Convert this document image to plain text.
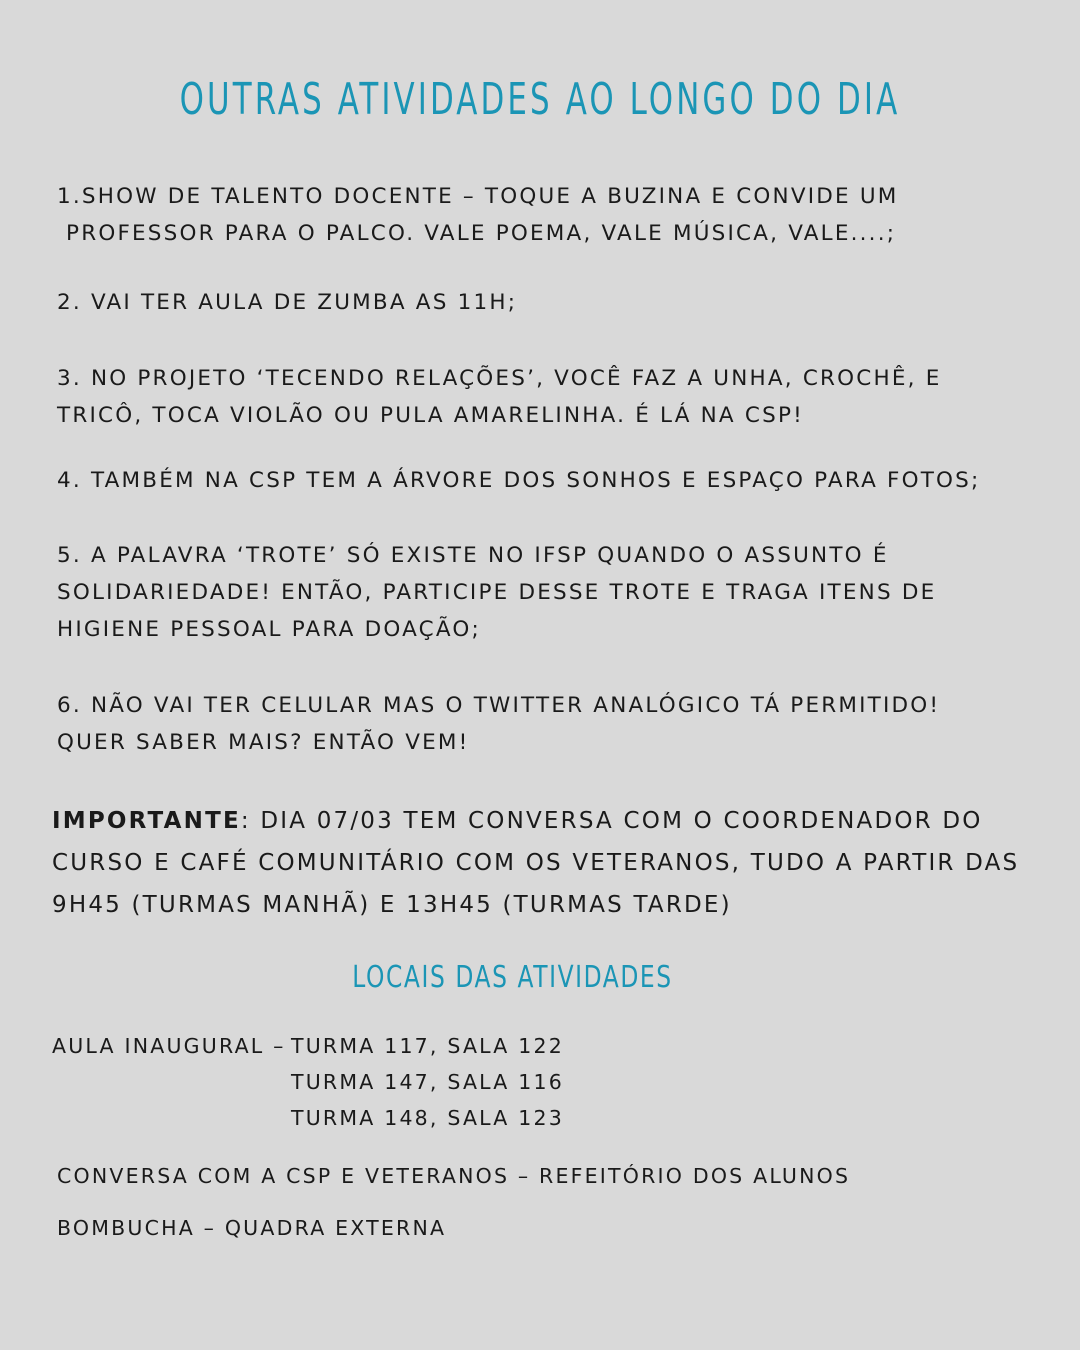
OUTRAS ATIVIDADES AO LONGO DO DIA
1.SHOW DE TALENTO DOCENTE – TOQUE A BUZINA E CONVIDE UM
PROFESSOR PARA O PALCO. VALE POEMA, VALE MÚSICA, VALE....;
2. VAI TER AULA DE ZUMBA AS 11H;
3. NO PROJETO ‘TECENDO RELAÇÕES’, VOCÊ FAZ A UNHA, CROCHÊ, E
TRICÔ, TOCA VIOLÃO OU PULA AMARELINHA. É LÁ NA CSP!
4. TAMBÉM NA CSP TEM A ÁRVORE DOS SONHOS E ESPAÇO PARA FOTOS;
5. A PALAVRA ‘TROTE’ SÓ EXISTE NO IFSP QUANDO O ASSUNTO É
SOLIDARIEDADE! ENTÃO, PARTICIPE DESSE TROTE E TRAGA ITENS DE
HIGIENE PESSOAL PARA DOAÇÃO;
6. NÃO VAI TER CELULAR MAS O TWITTER ANALÓGICO TÁ PERMITIDO!
QUER SABER MAIS? ENTÃO VEM!
IMPORTANTE: DIA 07/03 TEM CONVERSA COM O COORDENADOR DO
CURSO E CAFÉ COMUNITÁRIO COM OS VETERANOS, TUDO A PARTIR DAS
9H45 (TURMAS MANHÃ) E 13H45 (TURMAS TARDE)
LOCAIS DAS ATIVIDADES
AULA INAUGURAL – TURMA 117, SALA 122
TURMA 147, SALA 116
TURMA 148, SALA 123
CONVERSA COM A CSP E VETERANOS – REFEITÓRIO DOS ALUNOS
BOMBUCHA – QUADRA EXTERNA
